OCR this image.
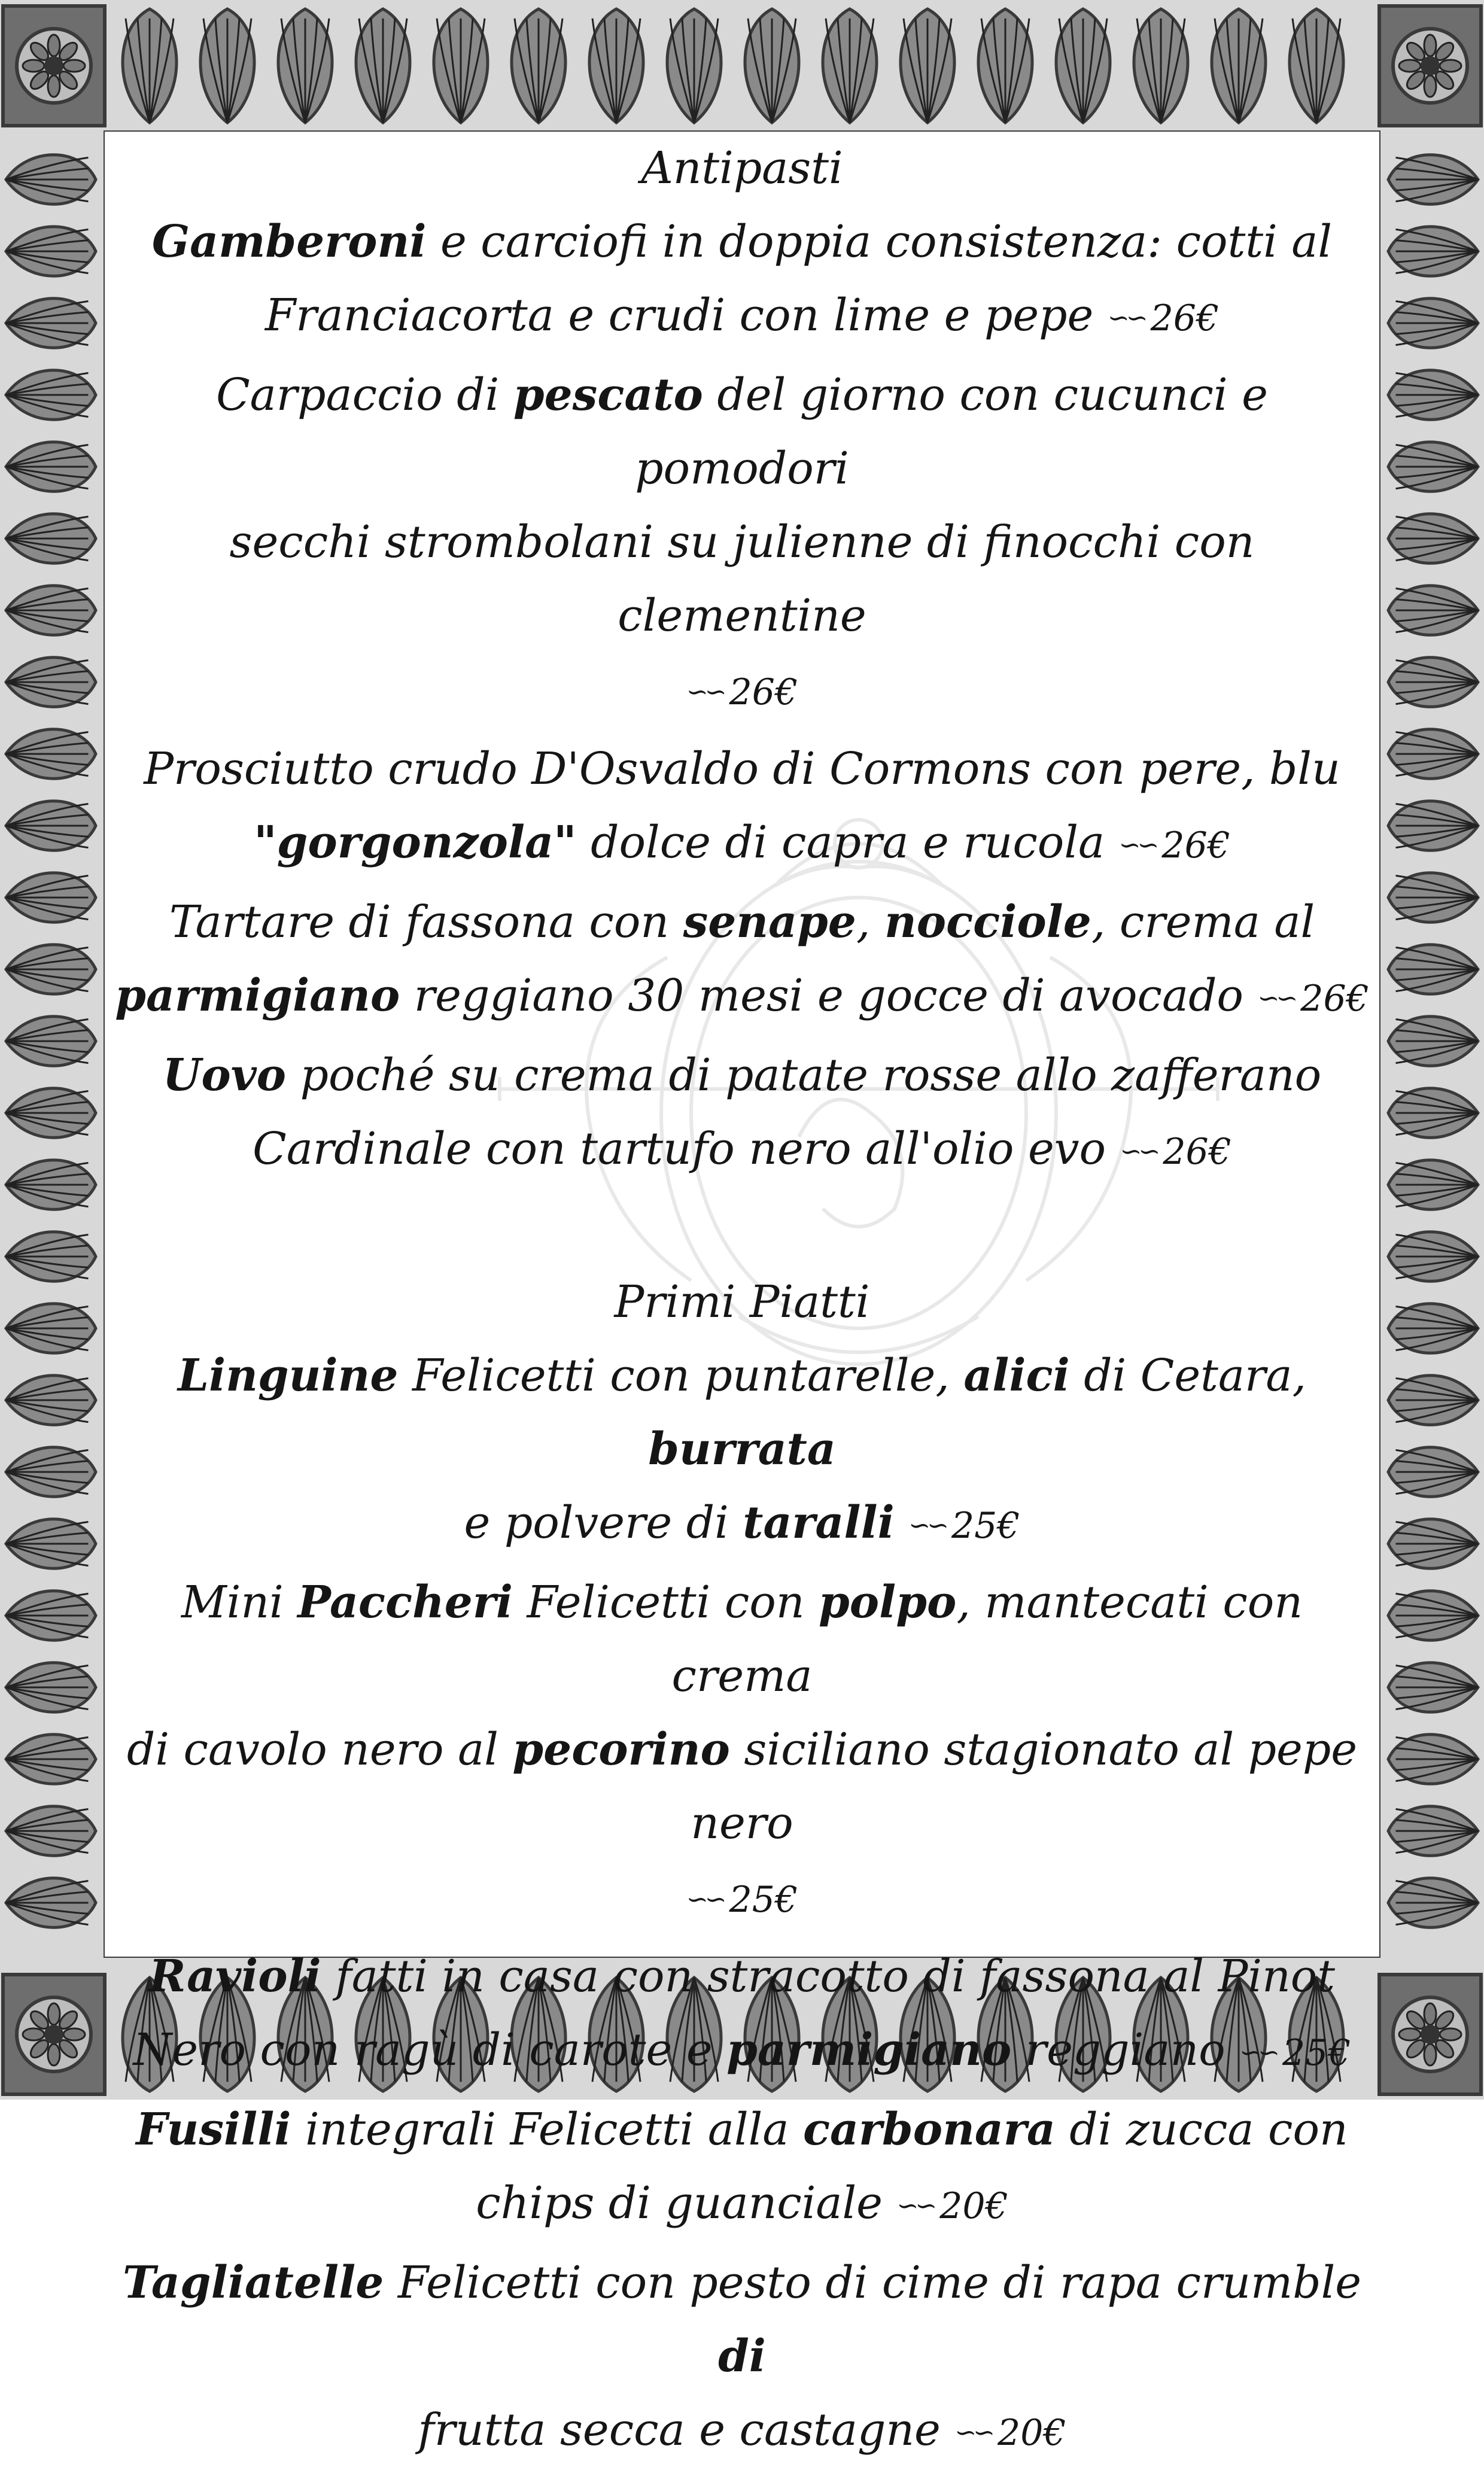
Antipasti
Gamberoni e carciofi in doppia consistenza: cotti al
Franciacorta e crudi con lime e pepe ∽∽ 26€
Carpaccio di pescato del giorno con cucunci e pomodori
secchi strombolani su julienne di finocchi con clementine
∽∽ 26€
Prosciutto crudo D'Osvaldo di Cormons con pere, blu
"gorgonzola" dolce di capra e rucola ∽∽ 26€
Tartare di fassona con senape, nocciole, crema al
parmigiano reggiano 30 mesi e gocce di avocado ∽∽ 26€
Uovo poché su crema di patate rosse allo zafferano
Cardinale con tartufo nero all'olio evo ∽∽ 26€
Primi Piatti
Linguine Felicetti con puntarelle, alici di Cetara, burrata
e polvere di taralli ∽∽ 25€
Mini Paccheri Felicetti con polpo, mantecati con crema
di cavolo nero al pecorino siciliano stagionato al pepe nero
∽∽ 25€
Ravioli fatti in casa con stracotto di fassona al Pinot
Nero con ragù di carote e parmigiano reggiano ∽∽ 25€
Fusilli integrali Felicetti alla carbonara di zucca con
chips di guanciale ∽∽ 20€
Tagliatelle Felicetti con pesto di cime di rapa crumble di
frutta secca e castagne ∽∽ 20€
